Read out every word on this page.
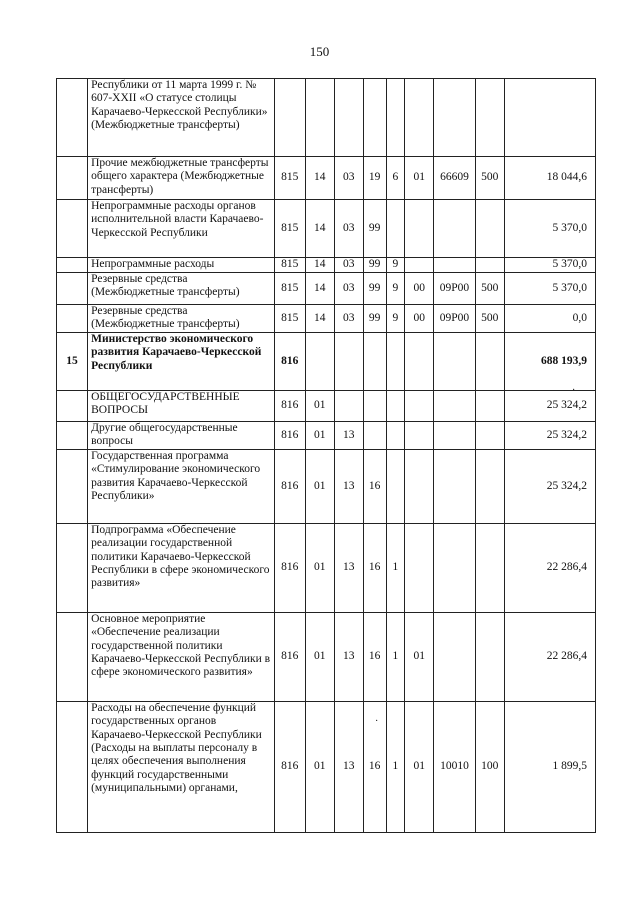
150
	Республики от 11 марта 1999 г. № 607-XXII «О статусе столицы Карачаево-Черкесской Республики» (Межбюджетные трансферты)									
	Прочие межбюджетные трансферты общего характера (Межбюджетные трансферты)	815	14	03	19	6	01	66609	500	18 044,6
	Непрограммные расходы органов исполнительной власти Карачаево-Черкесской Республики	815	14	03	99					5 370,0
	Непрограммные расходы	815	14	03	99	9				5 370,0
	Резервные средства (Межбюджетные трансферты)	815	14	03	99	9	00	09Р00	500	5 370,0
	Резервные средства (Межбюджетные трансферты)	815	14	03	99	9	00	09Р00	500	0,0
15	Министерство экономического развития Карачаево-Черкесской Республики	816								688 193,9
	ОБЩЕГОСУДАРСТВЕННЫЕ ВОПРОСЫ	816	01							25 324,2
	Другие общегосударственные вопросы	816	01	13						25 324,2
	Государственная программа «Стимулирование экономического развития Карачаево-Черкесской Республики»	816	01	13	16					25 324,2
	Подпрограмма «Обеспечение реализации государственной политики Карачаево-Черкесской Республики в сфере экономического развития»	816	01	13	16	1				22 286,4
	Основное мероприятие «Обеспечение реализации государственной политики Карачаево-Черкесской Республики в сфере экономического развития»	816	01	13	16	1	01			22 286,4
	Расходы на обеспечение функций государственных органов Карачаево-Черкесской Республики (Расходы на выплаты персоналу в целях обеспечения выполнения функций государственными (муниципальными) органами,	816	01	13	16	1	01	10010	100	1 899,5
·
·
